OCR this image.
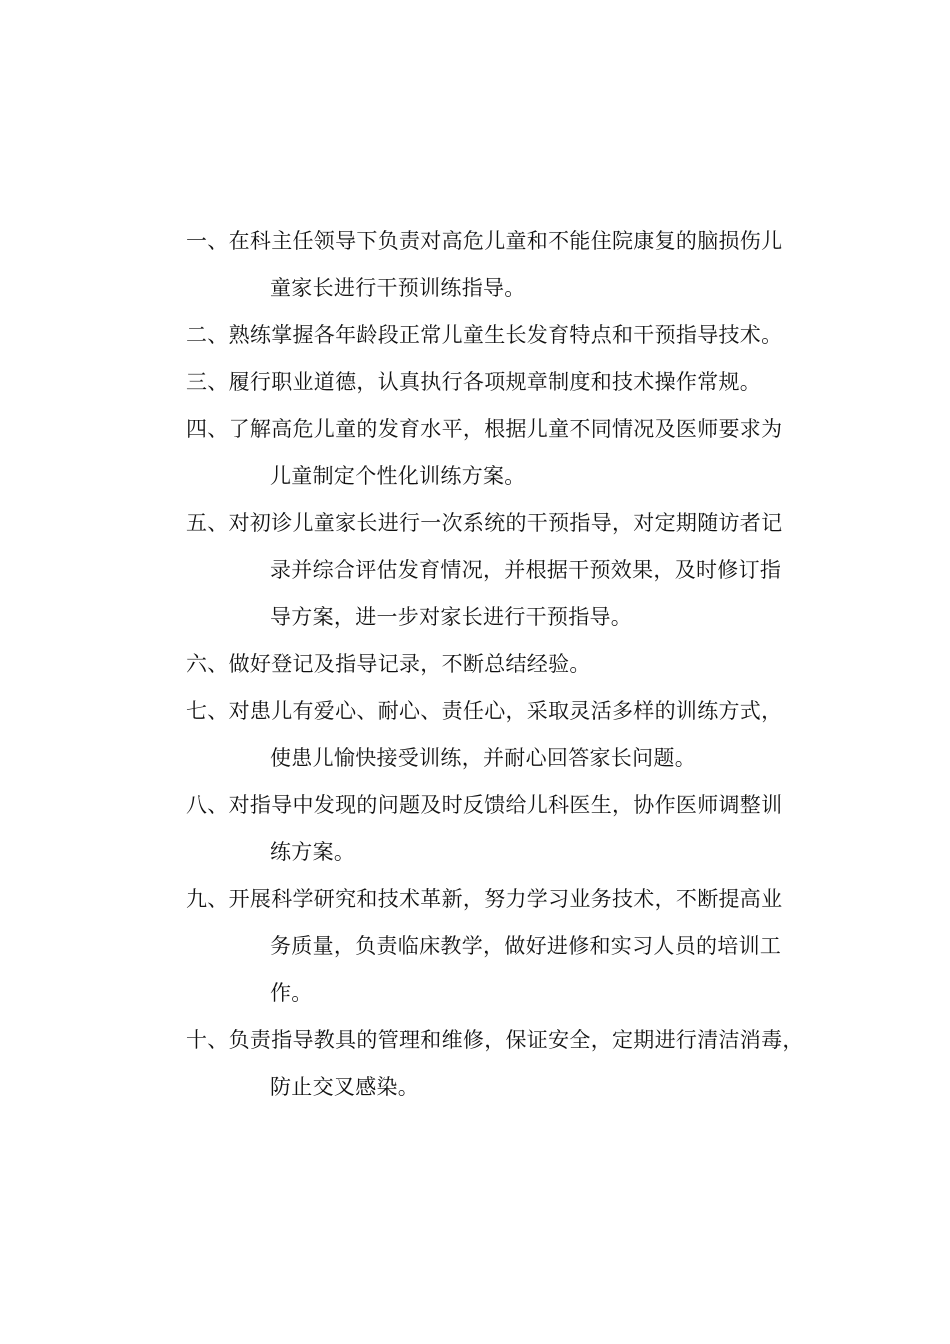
一、在科主任领导下负责对高危儿童和不能住院康复的脑损伤儿
童家长进行干预训练指导。
二、熟练掌握各年龄段正常儿童生长发育特点和干预指导技术。
三、履行职业道德，认真执行各项规章制度和技术操作常规。
四、了解高危儿童的发育水平，根据儿童不同情况及医师要求为
儿童制定个性化训练方案。
五、对初诊儿童家长进行一次系统的干预指导，对定期随访者记
录并综合评估发育情况，并根据干预效果，及时修订指
导方案，进一步对家长进行干预指导。
六、做好登记及指导记录，不断总结经验。
七、对患儿有爱心、耐心、责任心，采取灵活多样的训练方式，
使患儿愉快接受训练，并耐心回答家长问题。
八、对指导中发现的问题及时反馈给儿科医生，协作医师调整训
练方案。
九、开展科学研究和技术革新，努力学习业务技术，不断提高业
务质量，负责临床教学，做好进修和实习人员的培训工
作。
十、负责指导教具的管理和维修，保证安全，定期进行清洁消毒，
防止交叉感染。
